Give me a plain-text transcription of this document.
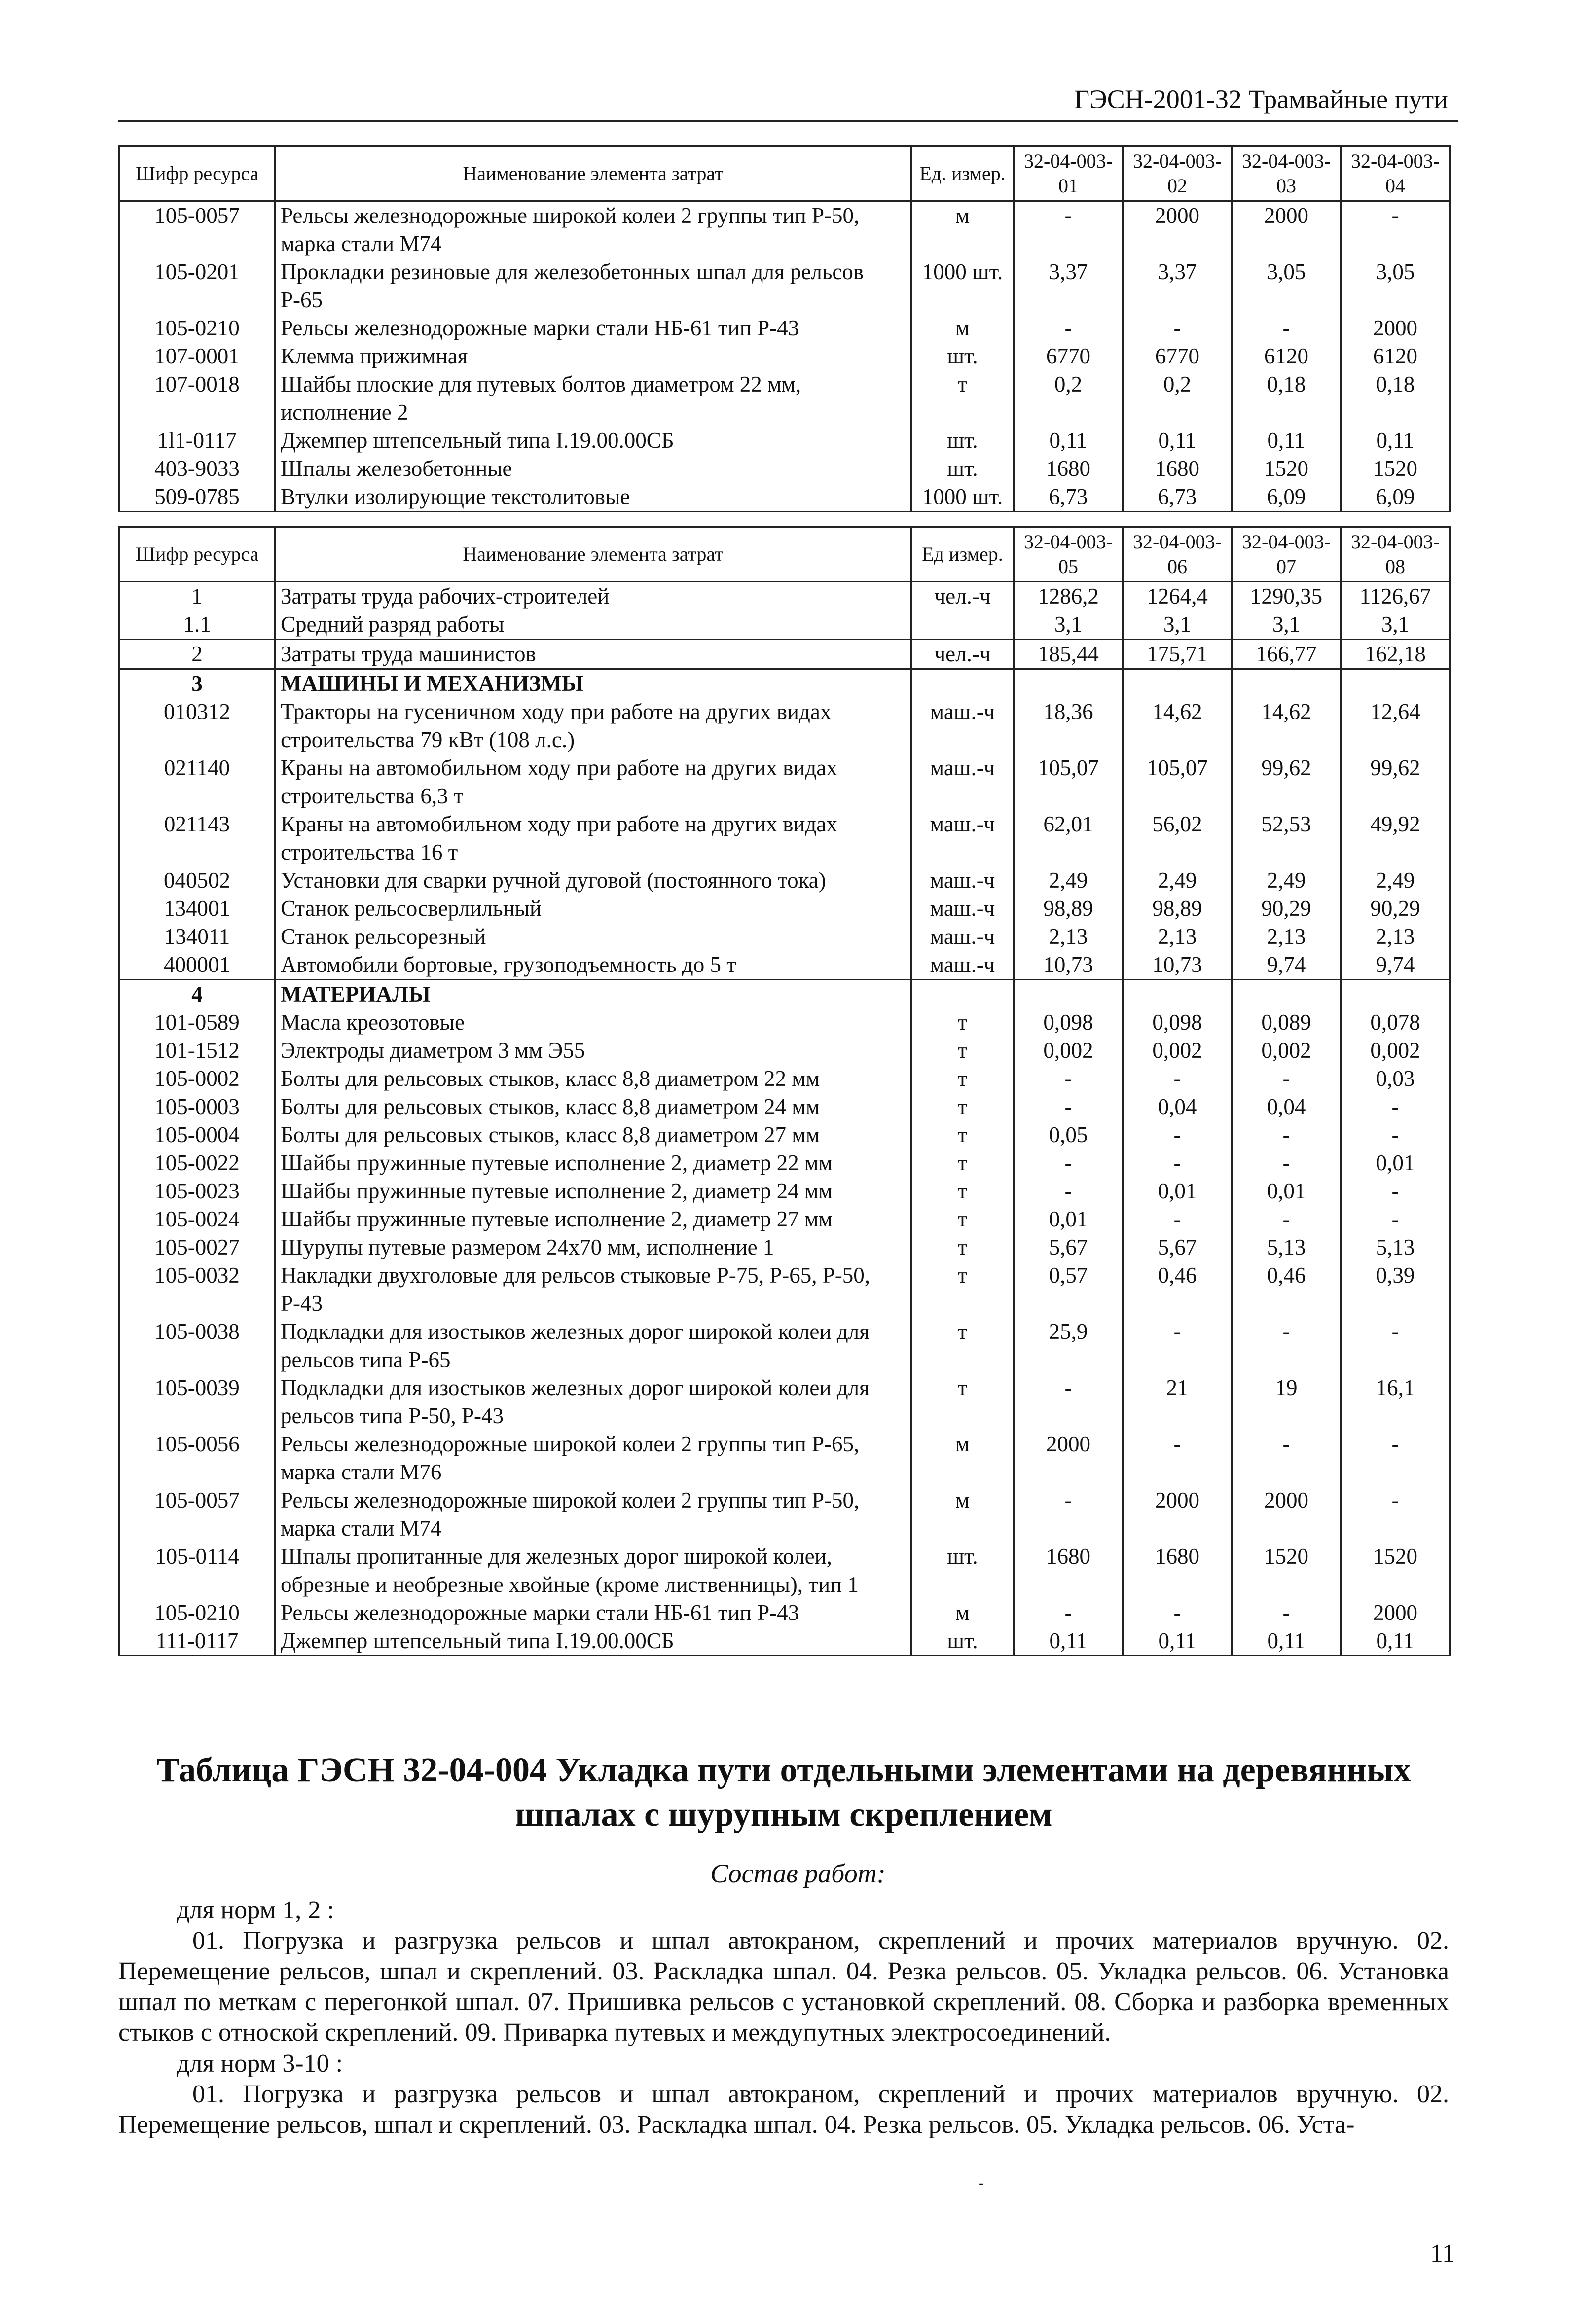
ГЭСН-2001-32 Трамвайные пути
Шифр ресурса	Наименование элемента затрат	Ед. измер.	32-04-003-01	32-04-003-02	32-04-003-03	32-04-003-04
105-0057	Рельсы железнодорожные широкой колеи 2 группы тип Р-50, марка стали М74	м	-	2000	2000	-
105-0201	Прокладки резиновые для железобетонных шпал для рельсов Р-65	1000 шт.	3,37	3,37	3,05	3,05
105-0210	Рельсы железнодорожные марки стали НБ-61 тип Р-43	м	-	-	-	2000
107-0001	Клемма прижимная	шт.	6770	6770	6120	6120
107-0018	Шайбы плоские для путевых болтов диаметром 22 мм, исполнение 2	т	0,2	0,2	0,18	0,18
1ӏ1-0117	Джемпер штепсельный типа I.19.00.00СБ	шт.	0,11	0,11	0,11	0,11
403-9033	Шпалы железобетонные	шт.	1680	1680	1520	1520
509-0785	Втулки изолирующие текстолитовые	1000 шт.	6,73	6,73	6,09	6,09
Шифр ресурса	Наименование элемента затрат	Ед измер.	32-04-003-05	32-04-003-06	32-04-003-07	32-04-003-08
1	Затраты труда рабочих-строителей	чел.-ч	1286,2	1264,4	1290,35	1126,67
1.1	Средний разряд работы		3,1	3,1	3,1	3,1
2	Затраты труда машинистов	чел.-ч	185,44	175,71	166,77	162,18
3	МАШИНЫ И МЕХАНИЗМЫ					
010312	Тракторы на гусеничном ходу при работе на других видах строительства 79 кВт (108 л.с.)	маш.-ч	18,36	14,62	14,62	12,64
021140	Краны на автомобильном ходу при работе на других видах строительства 6,3 т	маш.-ч	105,07	105,07	99,62	99,62
021143	Краны на автомобильном ходу при работе на других видах строительства 16 т	маш.-ч	62,01	56,02	52,53	49,92
040502	Установки для сварки ручной дуговой (постоянного тока)	маш.-ч	2,49	2,49	2,49	2,49
134001	Станок рельсосверлильный	маш.-ч	98,89	98,89	90,29	90,29
134011	Станок рельсорезный	маш.-ч	2,13	2,13	2,13	2,13
400001	Автомобили бортовые, грузоподъемность до 5 т	маш.-ч	10,73	10,73	9,74	9,74
4	МАТЕРИАЛЫ					
101-0589	Масла креозотовые	т	0,098	0,098	0,089	0,078
101-1512	Электроды диаметром 3 мм Э55	т	0,002	0,002	0,002	0,002
105-0002	Болты для рельсовых стыков, класс 8,8 диаметром 22 мм	т	-	-	-	0,03
105-0003	Болты для рельсовых стыков, класс 8,8 диаметром 24 мм	т	-	0,04	0,04	-
105-0004	Болты для рельсовых стыков, класс 8,8 диаметром 27 мм	т	0,05	-	-	-
105-0022	Шайбы пружинные путевые исполнение 2, диаметр 22 мм	т	-	-	-	0,01
105-0023	Шайбы пружинные путевые исполнение 2, диаметр 24 мм	т	-	0,01	0,01	-
105-0024	Шайбы пружинные путевые исполнение 2, диаметр 27 мм	т	0,01	-	-	-
105-0027	Шурупы путевые размером 24х70 мм, исполнение 1	т	5,67	5,67	5,13	5,13
105-0032	Накладки двухголовые для рельсов стыковые Р-75, Р-65, Р-50, Р-43	т	0,57	0,46	0,46	0,39
105-0038	Подкладки для изостыков железных дорог широкой колеи для рельсов типа Р-65	т	25,9	-	-	-
105-0039	Подкладки для изостыков железных дорог широкой колеи для рельсов типа Р-50, Р-43	т	-	21	19	16,1
105-0056	Рельсы железнодорожные широкой колеи 2 группы тип Р-65, марка стали М76	м	2000	-	-	-
105-0057	Рельсы железнодорожные широкой колеи 2 группы тип Р-50, марка стали М74	м	-	2000	2000	-
105-0114	Шпалы пропитанные для железных дорог широкой колеи, обрезные и необрезные хвойные (кроме лиственницы), тип 1	шт.	1680	1680	1520	1520
105-0210	Рельсы железнодорожные марки стали НБ-61 тип Р-43	м	-	-	-	2000
111-0117	Джемпер штепсельный типа I.19.00.00СБ	шт.	0,11	0,11	0,11	0,11
Таблица ГЭСН 32-04-004 Укладка пути отдельными элементами на деревянных шпалах с шурупным скреплением
Состав работ:
для норм 1, 2 :
01. Погрузка и разгрузка рельсов и шпал автокраном, скреплений и прочих материалов вручную. 02. Перемещение рельсов, шпал и скреплений. 03. Раскладка шпал. 04. Резка рельсов. 05. Укладка рельсов. 06. Установка шпал по меткам с перегонкой шпал. 07. Пришивка рельсов с установкой скреплений. 08. Сборка и разборка временных стыков с отноской скреплений. 09. Приварка путевых и междупутных электросоединений.
для норм 3-10 :
01. Погрузка и разгрузка рельсов и шпал автокраном, скреплений и прочих материалов вручную. 02. Перемещение рельсов, шпал и скреплений. 03. Раскладка шпал. 04. Резка рельсов. 05. Укладка рельсов. 06. Уста-
-
11
